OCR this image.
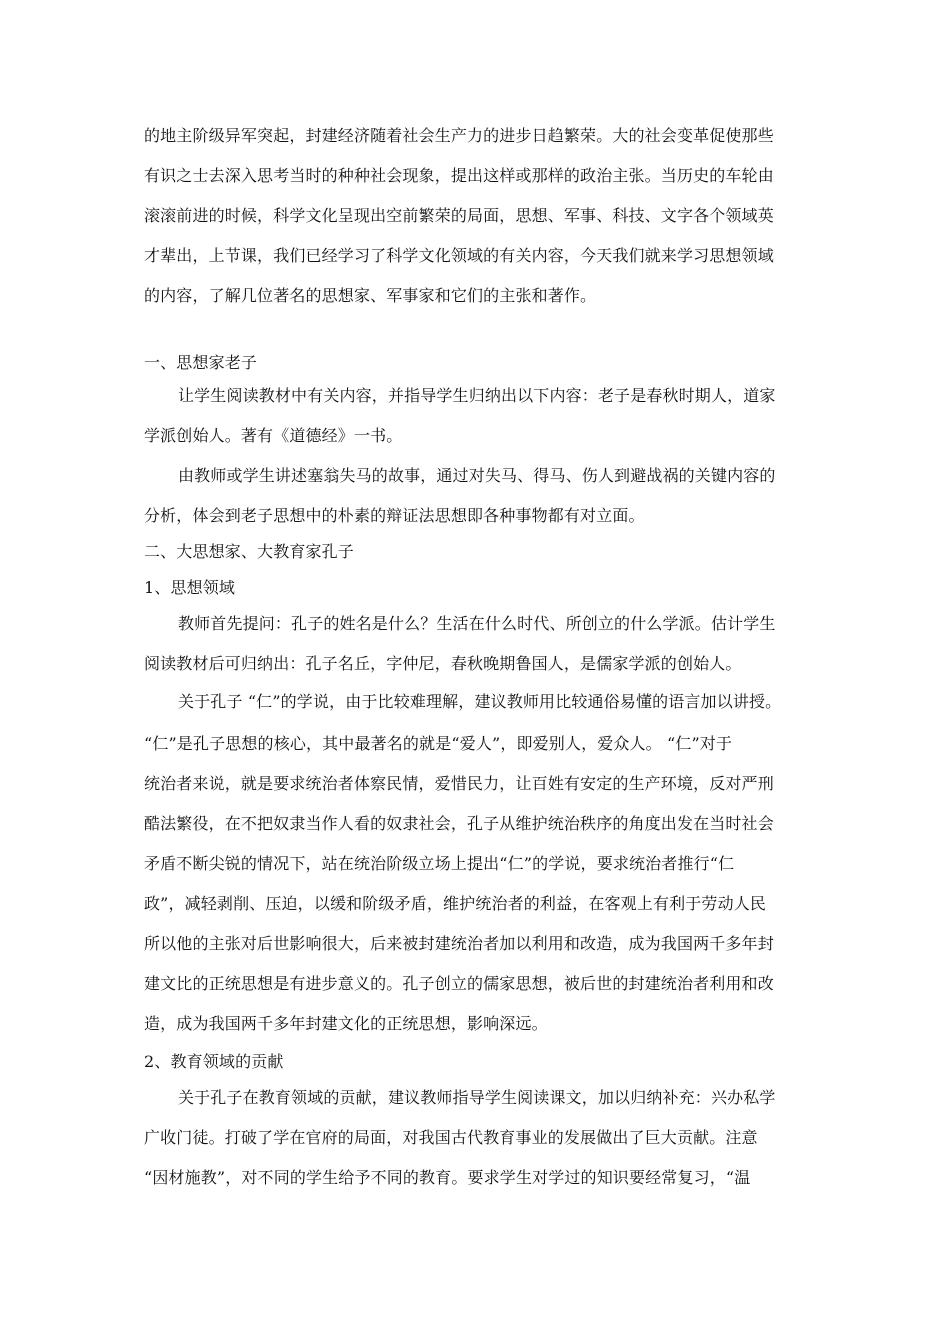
的地主阶级异军突起，封建经济随着社会生产力的进步日趋繁荣。大的社会变革促使那些
有识之士去深入思考当时的种种社会现象，提出这样或那样的政治主张。当历史的车轮由
滚滚前进的时候，科学文化呈现出空前繁荣的局面，思想、军事、科技、文字各个领域英
才辈出，上节课，我们已经学习了科学文化领域的有关内容，今天我们就来学习思想领域
的内容，了解几位著名的思想家、军事家和它们的主张和著作。
一、思想家老子
让学生阅读教材中有关内容，并指导学生归纳出以下内容：老子是春秋时期人，道家
学派创始人。著有《道德经》一书。
由教师或学生讲述塞翁失马的故事，通过对失马、得马、伤人到避战祸的关键内容的
分析，体会到老子思想中的朴素的辩证法思想即各种事物都有对立面。
二、大思想家、大教育家孔子
1、思想领域
教师首先提问：孔子的姓名是什么？生活在什么时代、所创立的什么学派。估计学生
阅读教材后可归纳出：孔子名丘，字仲尼，春秋晚期鲁国人，是儒家学派的创始人。
关于孔子 “仁”的学说，由于比较难理解，建议教师用比较通俗易懂的语言加以讲授。
“仁”是孔子思想的核心，其中最著名的就是“爱人”，即爱别人，爱众人。 “仁”对于
统治者来说，就是要求统治者体察民情，爱惜民力，让百姓有安定的生产环境，反对严刑
酷法繁役，在不把奴隶当作人看的奴隶社会，孔子从维护统治秩序的角度出发在当时社会
矛盾不断尖锐的情况下，站在统治阶级立场上提出“仁”的学说，要求统治者推行“仁
政”，减轻剥削、压迫，以缓和阶级矛盾，维护统治者的利益，在客观上有利于劳动人民
所以他的主张对后世影响很大，后来被封建统治者加以利用和改造，成为我国两千多年封
建文比的正统思想是有进步意义的。孔子创立的儒家思想，被后世的封建统治者利用和改
造，成为我国两千多年封建文化的正统思想，影响深远。
2、教育领域的贡献
关于孔子在教育领域的贡献，建议教师指导学生阅读课文，加以归纳补充：兴办私学
广收门徒。打破了学在官府的局面，对我国古代教育事业的发展做出了巨大贡献。注意
“因材施教”，对不同的学生给予不同的教育。要求学生对学过的知识要经常复习，“温
